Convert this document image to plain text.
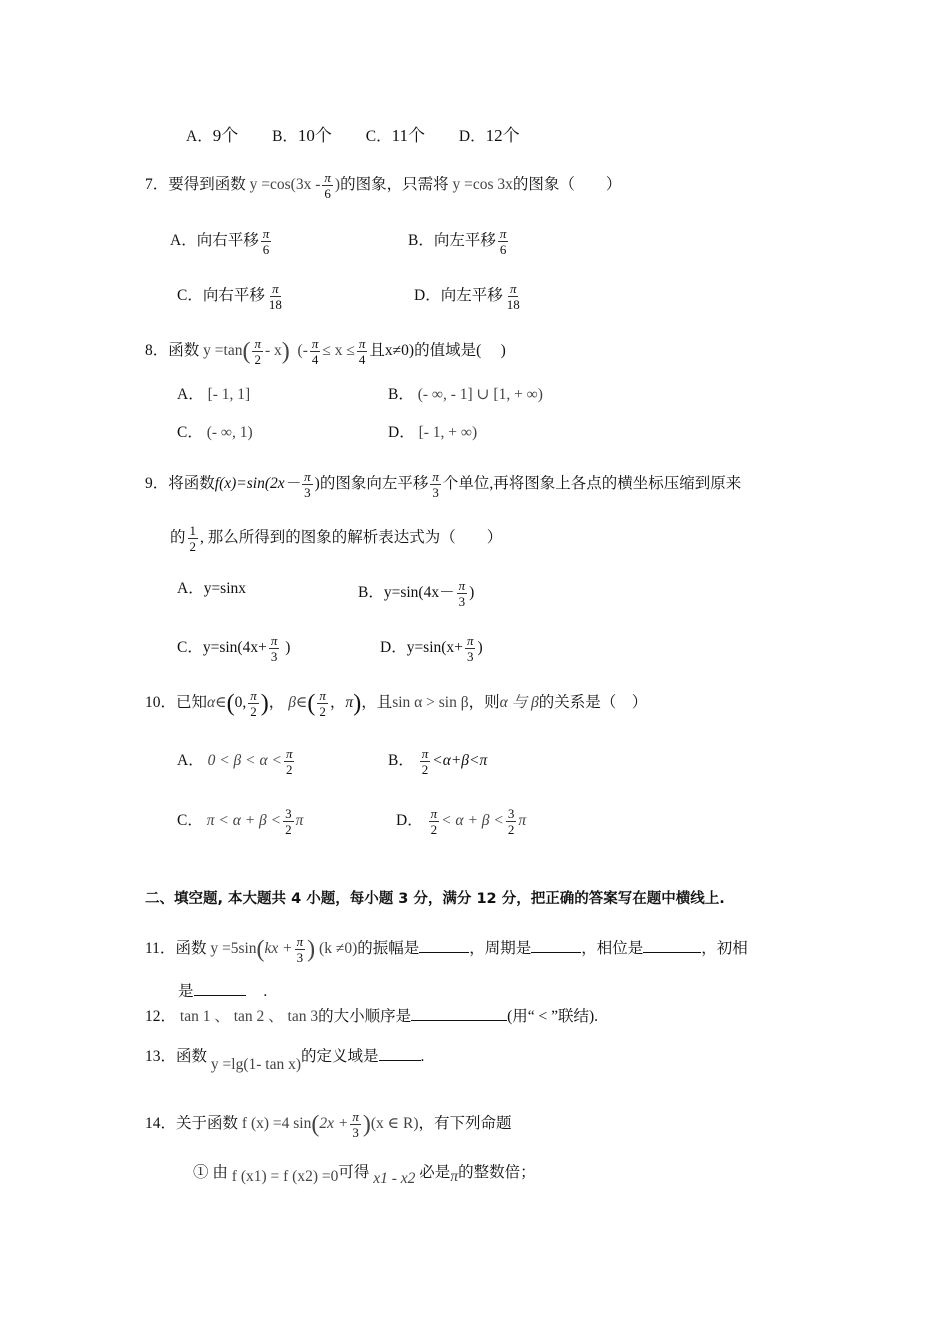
A．9个 B．10个 C．11个 D．12个
7．要得到函数 $y =\cos(3x - \frac{\pi}{6}$ )的图象，只需将 y =cos 3x的图象（　　）
A．向右平移 $\frac{\pi}{6}$	B．向左平移 $\frac{\pi}{6}$
C．向右平移 $\frac{\pi}{18}$	D．向左平移 $\frac{\pi}{18}$
8．函数 $y =\tan( \frac{\pi}{2} - x)$ (- $\frac{\pi}{4} \le x \le \frac{\pi}{4}$ 且x≠0)的值域是(　 )
A． [- 1, 1]	B． (- ∞, - 1] ∪ [1, + ∞)
C． (- ∞, 1)	D． [- 1, + ∞)
9．将函数$f(x)=\sin(2x- \frac{\pi}{3}$ )的图象向左平移 $\frac{\pi}{3}$ 个单位,再将图象上各点的横坐标压缩到原来
的 $\frac{1}{2}$ , 那么所得到的图象的解析表达式为（　　）
A．y=sinx	B．$y=\sin(4x- \frac{\pi}{3}$ )
C．$y=\sin(4x+ \frac{\pi}{3}$ )	D．$y=\sin(x+ \frac{\pi}{3}$ )
10．已知α∈(0, $\frac{\pi}{2}$ )， β∈( $\frac{\pi}{2}$ ，π)，且sin α > sin β，则α 与 β的关系是（　）
A． $0 < \beta < \alpha < \frac{\pi}{2}$	B． $\frac{\pi}{2} <\alpha+\beta<\pi$
C． $\pi < \alpha + \beta < \frac{3}{2}$ π	D． $\frac{\pi}{2} < \alpha + \beta < \frac{3}{2}$ π
二、填空题, 本大题共 4 小题，每小题 3 分，满分 12 分，把正确的答案写在题中横线上.
11．函数 $y =5\sin(kx + \frac{\pi}{3}$ ) (k ≠0)的振幅是	，周期是	，相位是	，初相
是	.
12． tan 1 、 tan 2 、 tan 3的大小顺序是	(用“ < ”联结).
13．函数 y =lg(1- tan x)的定义域是	.
14．关于函数 f (x) =4 $\sin(2x + \frac{\pi}{3} )(x$ ∈ R)，有下列命题
① 由 f (x1) = f (x2) =0可得 x1 - x2 必是π的整数倍；
